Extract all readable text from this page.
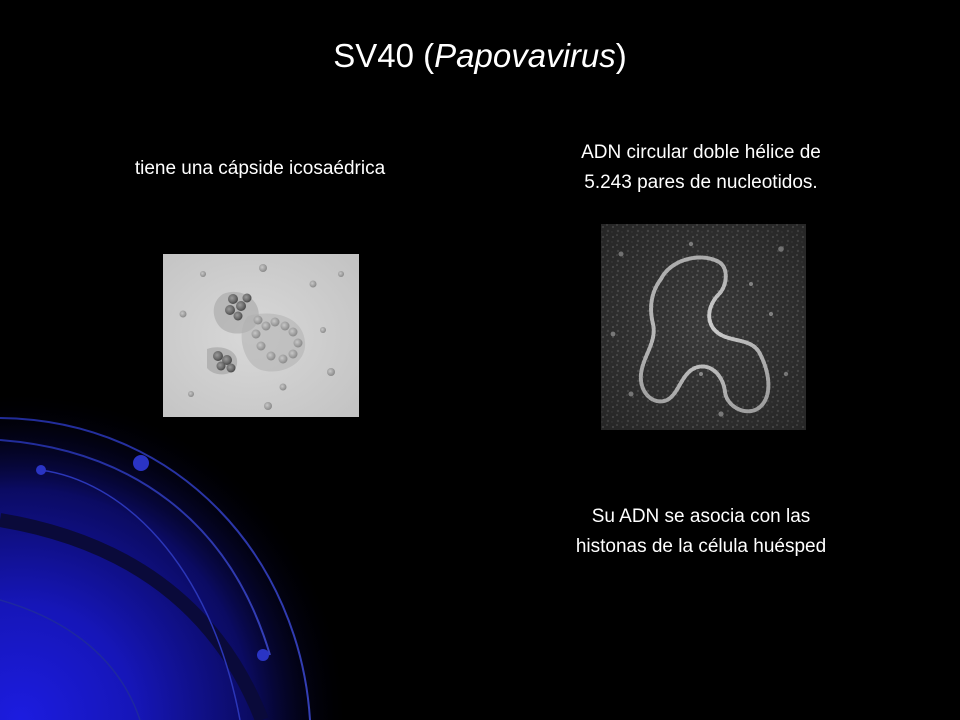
SV40 (Papovavirus)
tiene una cápside icosaédrica
ADN circular doble hélice de
5.243 pares de nucleotidos.
Su ADN se asocia con las
histonas de la célula huésped
